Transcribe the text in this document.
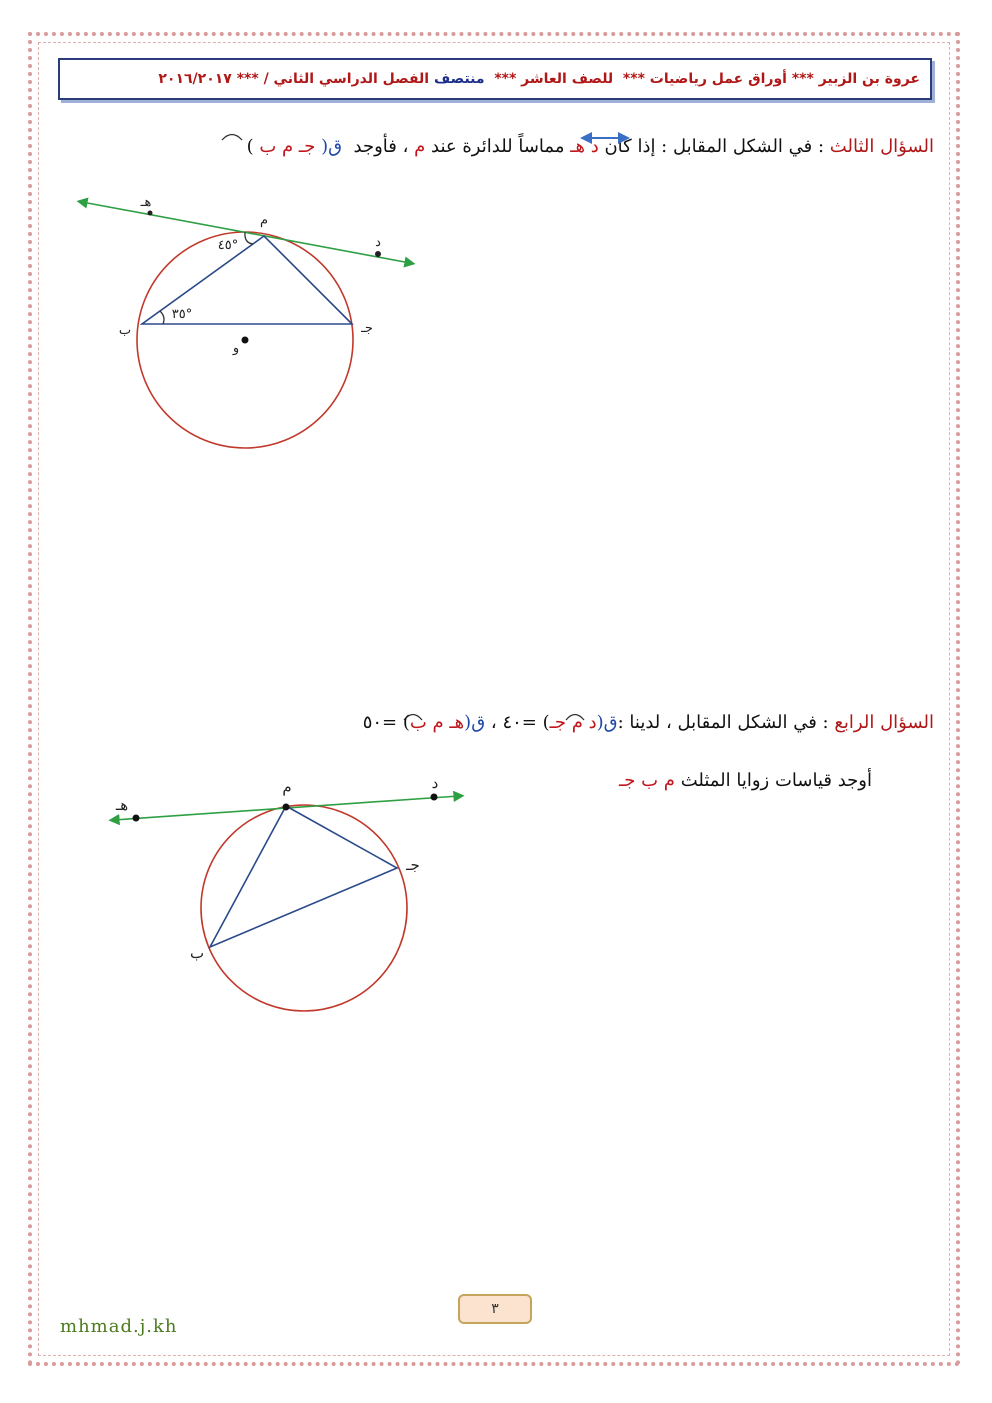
عروة بن الزبير

***

أوراق عمل رياضيات

***

للصف العاشر

***

منتصف

الفصل الدراسي الثاني /

***

٢٠١٦/٢٠١٧
السؤال الثالث : في الشكل المقابل : إذا كان د هـ مماساً للدائرة عند م ، فأوجد  ق( جـ م ب )
هـ
م
د
ب	جـ
و
٤٥°
٣٥°
هـ
م	د
جـ
ب
السؤال الرابع : في الشكل المقابل ، لدينا :ق(د م جـ) =٤٠ ، ق(هـ م ب) =٥٠
أوجد قياسات زوايا المثلث م ب جـ
٣
mhmad.j.kh
